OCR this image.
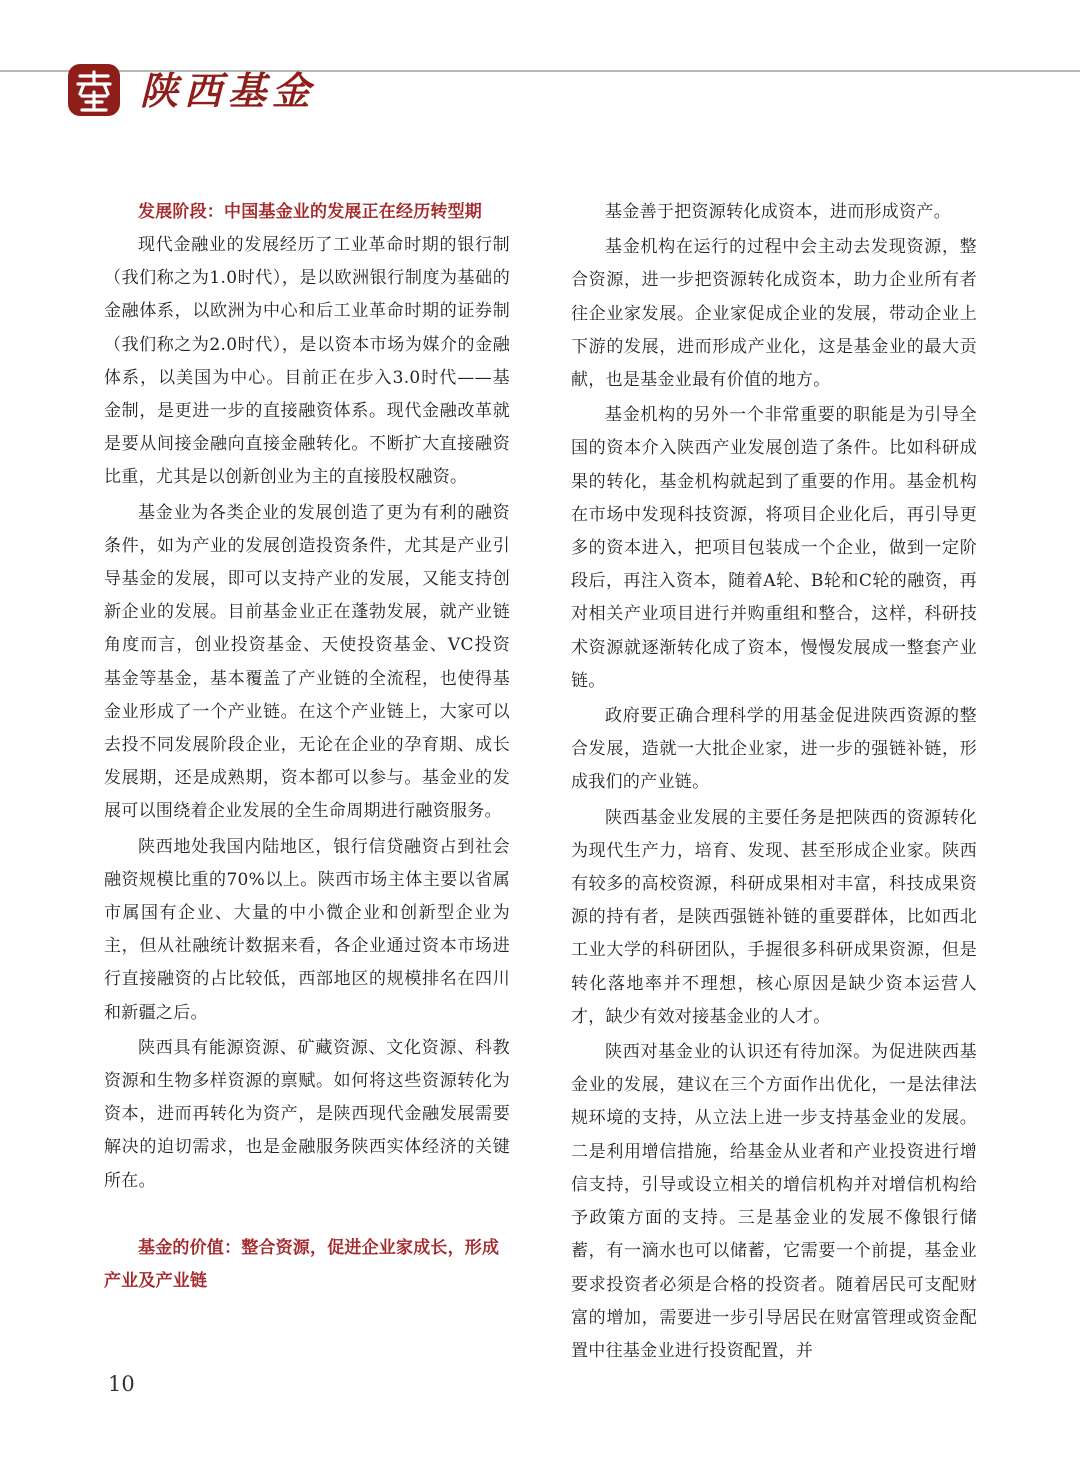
陕西基金
发展阶段：中国基金业的发展正在经历转型期

现代金融业的发展经历了工业革命时期的银行制（我们称之为1.0时代），是以欧洲银行制度为基础的金融体系，以欧洲为中心和后工业革命时期的证券制（我们称之为2.0时代），是以资本市场为媒介的金融体系，以美国为中心。目前正在步入3.0时代——基金制，是更进一步的直接融资体系。现代金融改革就是要从间接金融向直接金融转化。不断扩大直接融资比重，尤其是以创新创业为主的直接股权融资。

基金业为各类企业的发展创造了更为有利的融资条件，如为产业的发展创造投资条件，尤其是产业引导基金的发展，即可以支持产业的发展，又能支持创新企业的发展。目前基金业正在蓬勃发展，就产业链角度而言，创业投资基金、天使投资基金、VC投资基金等基金，基本覆盖了产业链的全流程，也使得基金业形成了一个产业链。在这个产业链上，大家可以去投不同发展阶段企业，无论在企业的孕育期、成长发展期，还是成熟期，资本都可以参与。基金业的发展可以围绕着企业发展的全生命周期进行融资服务。

陕西地处我国内陆地区，银行信贷融资占到社会融资规模比重的70%以上。陕西市场主体主要以省属市属国有企业、大量的中小微企业和创新型企业为主，但从社融统计数据来看，各企业通过资本市场进行直接融资的占比较低，西部地区的规模排名在四川和新疆之后。

陕西具有能源资源、矿藏资源、文化资源、科教资源和生物多样资源的禀赋。如何将这些资源转化为资本，进而再转化为资产，是陕西现代金融发展需要解决的迫切需求，也是金融服务陕西实体经济的关键所在。

基金的价值：整合资源，促进企业家成长，形成产业及产业链

基金善于把资源转化成资本，进而形成资产。

基金机构在运行的过程中会主动去发现资源，整合资源，进一步把资源转化成资本，助力企业所有者往企业家发展。企业家促成企业的发展，带动企业上下游的发展，进而形成产业化，这是基金业的最大贡献，也是基金业最有价值的地方。

基金机构的另外一个非常重要的职能是为引导全国的资本介入陕西产业发展创造了条件。比如科研成果的转化，基金机构就起到了重要的作用。基金机构在市场中发现科技资源，将项目企业化后，再引导更多的资本进入，把项目包装成一个企业，做到一定阶段后，再注入资本，随着A轮、B轮和C轮的融资，再对相关产业项目进行并购重组和整合，这样，科研技术资源就逐渐转化成了资本，慢慢发展成一整套产业链。

政府要正确合理科学的用基金促进陕西资源的整合发展，造就一大批企业家，进一步的强链补链，形成我们的产业链。

陕西基金业发展的主要任务是把陕西的资源转化为现代生产力，培育、发现、甚至形成企业家。陕西有较多的高校资源，科研成果相对丰富，科技成果资源的持有者，是陕西强链补链的重要群体，比如西北工业大学的科研团队，手握很多科研成果资源，但是转化落地率并不理想，核心原因是缺少资本运营人才，缺少有效对接基金业的人才。

陕西对基金业的认识还有待加深。为促进陕西基金业的发展，建议在三个方面作出优化，一是法律法规环境的支持，从立法上进一步支持基金业的发展。二是利用增信措施，给基金从业者和产业投资进行增信支持，引导或设立相关的增信机构并对增信机构给予政策方面的支持。三是基金业的发展不像银行储蓄，有一滴水也可以储蓄，它需要一个前提，基金业要求投资者必须是合格的投资者。随着居民可支配财富的增加，需要进一步引导居民在财富管理或资金配置中往基金业进行投资配置，并

10
